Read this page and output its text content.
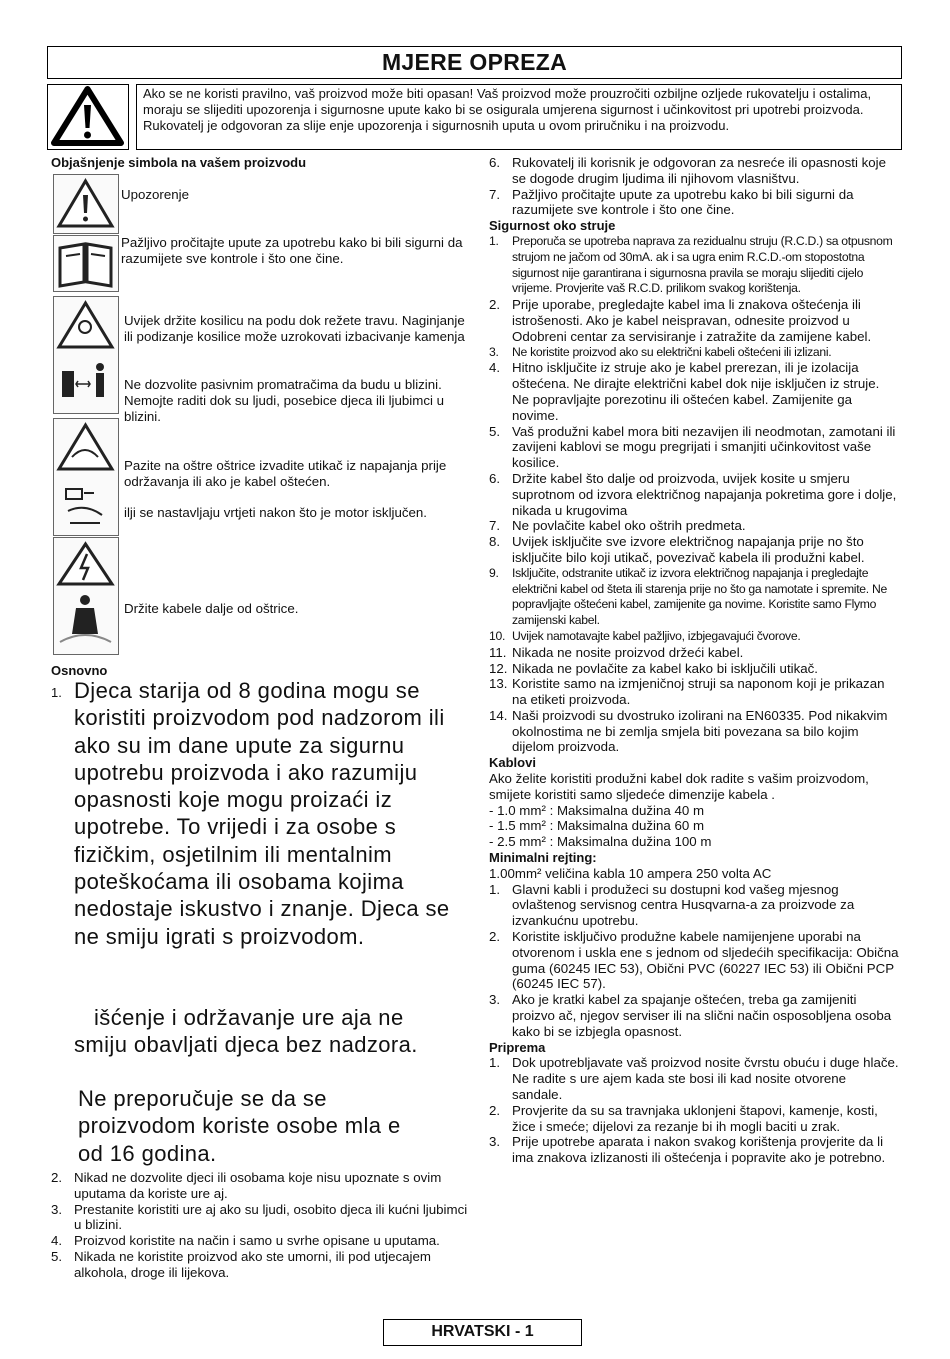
MJERE OPREZA
Ako se ne koristi pravilno, vaš proizvod može biti opasan! Vaš proizvod može prouzročiti ozbiljne ozljede rukovatelju i ostalima, moraju se slijediti upozorenja i sigurnosne upute kako bi se osigurala umjerena sigurnost i učinkovitost pri upotrebi proizvoda. Rukovatelj je odgovoran za slije enje upozorenja i sigurnosnih uputa u ovom priručniku i na proizvodu.
Objašnjenje simbola na vašem proizvodu
Upozorenje
Pažljivo pročitajte upute za upotrebu kako bi bili sigurni da razumijete sve kontrole i što one čine.
Uvijek držite kosilicu na podu dok režete travu. Naginjanje ili podizanje kosilice može uzrokovati izbacivanje kamenja
Ne dozvolite pasivnim promatračima da budu u blizini. Nemojte raditi dok su ljudi, posebice djeca ili ljubimci u blizini.
Pazite na oštre oštrice izvadite utikač iz napajanja prije održavanja ili ako je kabel oštećen.
ilji se nastavljaju vrtjeti nakon što je motor isključen.
Držite kabele dalje od oštrice.
Osnovno
1. Djeca starija od 8 godina mogu se koristiti proizvodom pod nadzorom ili ako su im dane upute za sigurnu upotrebu proizvoda i ako razumiju opasnosti koje mogu proizaći iz upotrebe. To vrijedi i za osobe s fizičkim, osjetilnim ili mentalnim poteškoćama ili osobama kojima nedostaje iskustvo i znanje. Djeca se ne smiju igrati s proizvodom.
išćenje i održavanje ure aja ne smiju obavljati djeca bez nadzora.
Ne preporučuje se da se proizvodom koriste osobe mla e od 16 godina.
2. Nikad ne dozvolite djeci ili osobama koje nisu upoznate s ovim uputama da koriste ure aj.
3. Prestanite koristiti ure aj ako su ljudi, osobito djeca ili kućni ljubimci u blizini.
4. Proizvod koristite na način i samo u svrhe opisane u uputama.
5. Nikada ne koristite proizvod ako ste umorni, ili pod utjecajem alkohola, droge ili lijekova.
6. Rukovatelj ili korisnik je odgovoran za nesreće ili opasnosti koje se dogode drugim ljudima ili njihovom vlasništvu.
7. Pažljivo pročitajte upute za upotrebu kako bi bili sigurni da razumijete sve kontrole i što one čine.
Sigurnost oko struje
1. Preporuča se upotreba naprava za rezidualnu struju (R.C.D.) sa otpusnom strujom ne jačom od 30mA. ak i sa ugra enim R.C.D.-om stopostotna sigurnost nije garantirana i sigurnosna pravila se moraju slijediti cijelo vrijeme. Provjerite vaš R.C.D. prilikom svakog korištenja.
2. Prije uporabe, pregledajte kabel ima li znakova oštećenja ili istrošenosti. Ako je kabel neispravan, odnesite proizvod u Odobreni centar za servisiranje i zatražite da zamijene kabel.
3. Ne koristite proizvod ako su električni kabeli oštećeni ili izlizani.
4. Hitno isključite iz struje ako je kabel prerezan, ili je izolacija oštećena. Ne dirajte električni kabel dok nije isključen iz struje. Ne popravljajte porezotinu ili oštećen kabel. Zamijenite ga novime.
5. Vaš produžni kabel mora biti nezavijen ili neodmotan, zamotani ili zavijeni kablovi se mogu pregrijati i smanjiti učinkovitost vaše kosilice.
6. Držite kabel što dalje od proizvoda, uvijek kosite u smjeru suprotnom od izvora električnog napajanja pokretima gore i dolje, nikada u krugovima
7. Ne povlačite kabel oko oštrih predmeta.
8. Uvijek isključite sve izvore električnog napajanja prije no što isključite bilo koji utikač, povezivač kabela ili produžni kabel.
9. Isključite, odstranite utikač iz izvora električnog napajanja i pregledajte električni kabel od šteta ili starenja prije no što ga namotate i spremite. Ne popravljajte oštećeni kabel, zamijenite ga novime. Koristite samo Flymo zamijenski kabel.
10. Uvijek namotavajte kabel pažljivo, izbjegavajući čvorove.
11. Nikada ne nosite proizvod držeći kabel.
12. Nikada ne povlačite za kabel kako bi isključili utikač.
13. Koristite samo na izmjeničnoj struji sa naponom koji je prikazan na etiketi proizvoda.
14. Naši proizvodi su dvostruko izolirani na EN60335. Pod nikakvim okolnostima ne bi zemlja smjela biti povezana sa bilo kojim dijelom proizvoda.
Kablovi
Ako želite koristiti produžni kabel dok radite s vašim proizvodom, smijete koristiti samo sljedeće dimenzije kabela .
- 1.0 mm² : Maksimalna dužina 40 m
- 1.5 mm² : Maksimalna dužina 60 m
- 2.5 mm² : Maksimalna dužina 100 m
Minimalni rejting:
1.00mm² veličina kabla 10 ampera 250 volta AC
1. Glavni kabli i produžeci su dostupni kod vašeg mjesnog ovlaštenog servisnog centra Husqvarna-a za proizvode za izvankućnu upotrebu.
2. Koristite isključivo produžne kabele namijenjene uporabi na otvorenom i uskla ene s jednom od sljedećih specifikacija: Obična guma (60245 IEC 53), Obični PVC (60227 IEC 53) ili Obični PCP (60245 IEC 57).
3. Ako je kratki kabel za spajanje oštećen, treba ga zamijeniti proizvo ač, njegov serviser ili na slični način osposobljena osoba kako bi se izbjegla opasnost.
Priprema
1. Dok upotrebljavate vaš proizvod nosite čvrstu obuću i duge hlače. Ne radite s ure ajem kada ste bosi ili kad nosite otvorene sandale.
2. Provjerite da su sa travnjaka uklonjeni štapovi, kamenje, kosti, žice i smeće; dijelovi za rezanje bi ih mogli baciti u zrak.
3. Prije upotrebe aparata i nakon svakog korištenja provjerite da li ima znakova izlizanosti ili oštećenja i popravite ako je potrebno.
HRVATSKI - 1
